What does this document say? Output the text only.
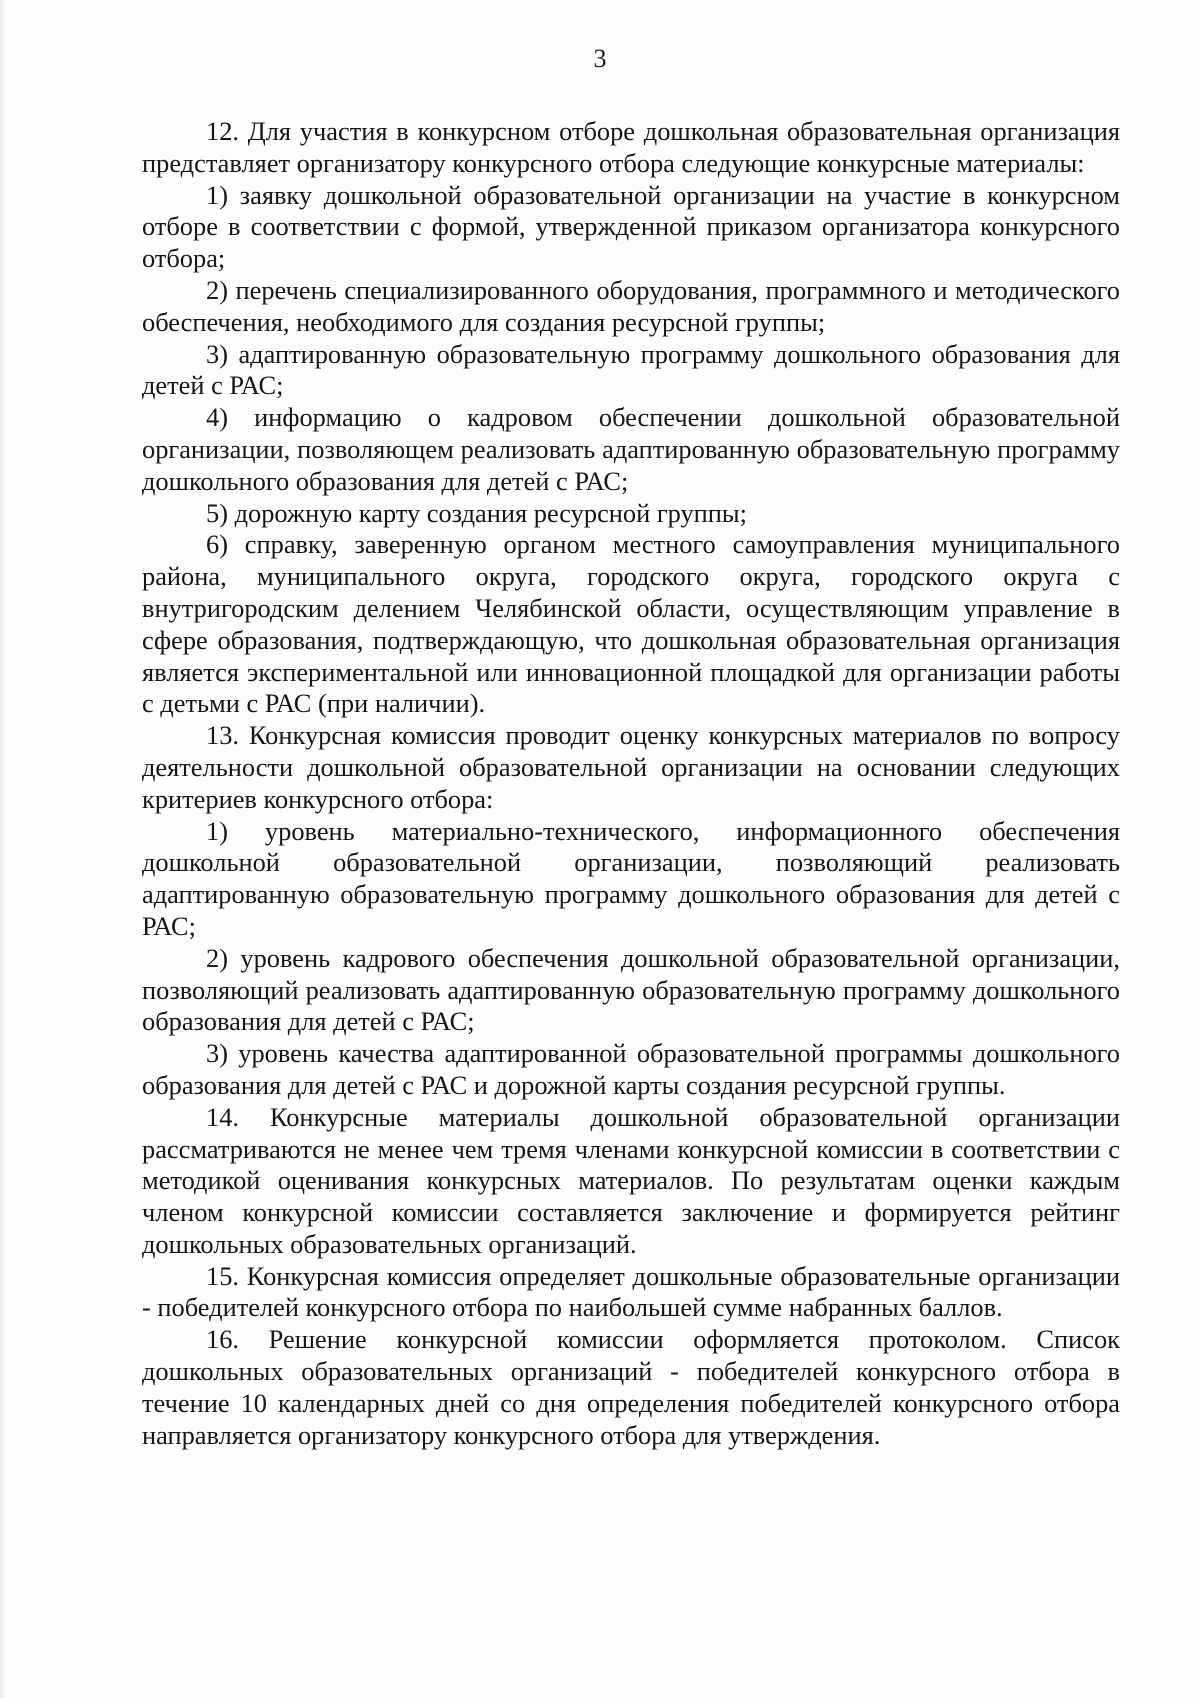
3

12. Для участия в конкурсном отборе дошкольная образовательная организация представляет организатору конкурсного отбора следующие конкурсные материалы:

1) заявку дошкольной образовательной организации на участие в конкурсном отборе в соответствии с формой, утвержденной приказом организатора конкурсного отбора;

2) перечень специализированного оборудования, программного и методического обеспечения, необходимого для создания ресурсной группы;

3) адаптированную образовательную программу дошкольного образования для детей с РАС;

4) информацию о кадровом обеспечении дошкольной образовательной организации, позволяющем реализовать адаптированную образовательную программу дошкольного образования для детей с РАС;

5) дорожную карту создания ресурсной группы;

6) справку, заверенную органом местного самоуправления муниципального района, муниципального округа, городского округа, городского округа с внутригородским делением Челябинской области, осуществляющим управление в сфере образования, подтверждающую, что дошкольная образовательная организация является экспериментальной или инновационной площадкой для организации работы с детьми с РАС (при наличии).

13. Конкурсная комиссия проводит оценку конкурсных материалов по вопросу деятельности дошкольной образовательной организации на основании следующих критериев конкурсного отбора:

1) уровень материально-технического, информационного обеспечения дошкольной образовательной организации, позволяющий реализовать адаптированную образовательную программу дошкольного образования для детей с РАС;

2) уровень кадрового обеспечения дошкольной образовательной организации, позволяющий реализовать адаптированную образовательную программу дошкольного образования для детей с РАС;

3) уровень качества адаптированной образовательной программы дошкольного образования для детей с РАС и дорожной карты создания ресурсной группы.

14. Конкурсные материалы дошкольной образовательной организации рассматриваются не менее чем тремя членами конкурсной комиссии в соответствии с методикой оценивания конкурсных материалов. По результатам оценки каждым членом конкурсной комиссии составляется заключение и формируется рейтинг дошкольных образовательных организаций.

15. Конкурсная комиссия определяет дошкольные образовательные организации - победителей конкурсного отбора по наибольшей сумме набранных баллов.

16. Решение конкурсной комиссии оформляется протоколом. Список дошкольных образовательных организаций - победителей конкурсного отбора в течение 10 календарных дней со дня определения победителей конкурсного отбора направляется организатору конкурсного отбора для утверждения.
